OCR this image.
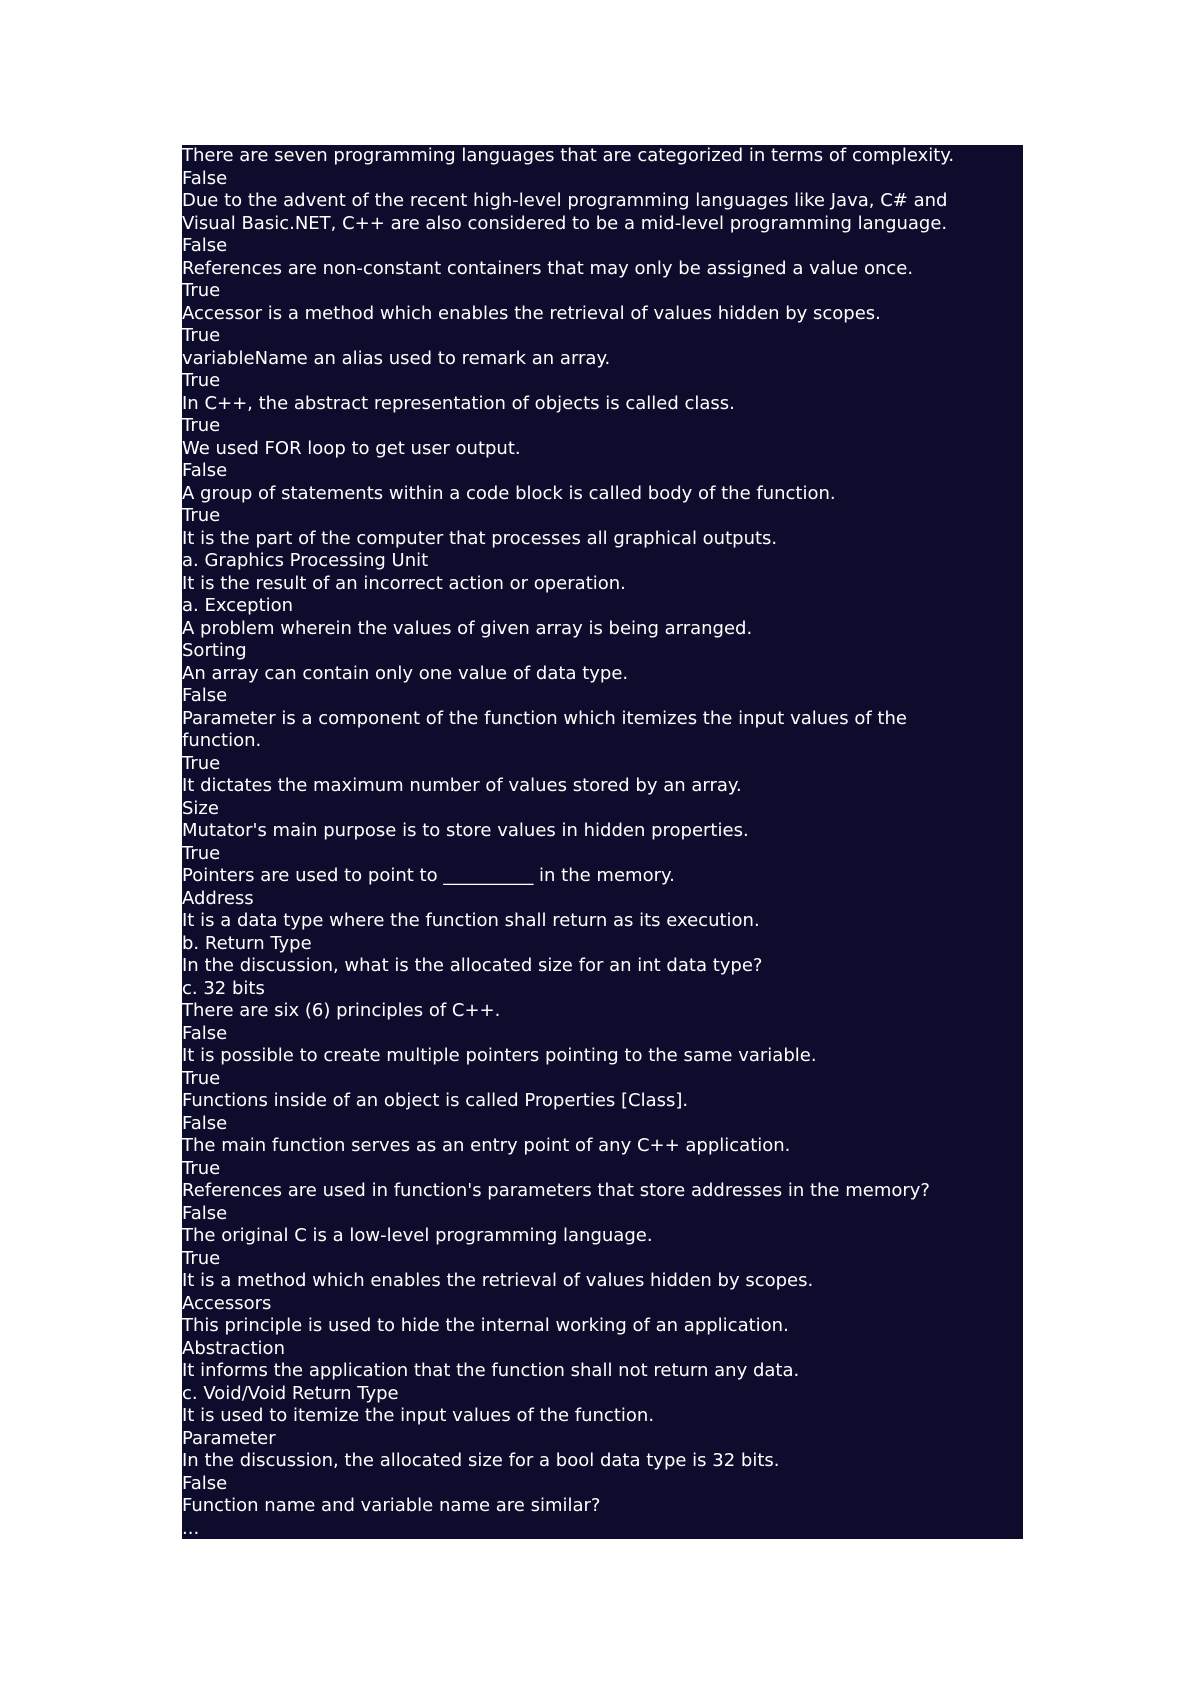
There are seven programming languages that are categorized in terms of complexity.
False
Due to the advent of the recent high-level programming languages like Java, C# and
Visual Basic.NET, C++ are also considered to be a mid-level programming language.
False
References are non-constant containers that may only be assigned a value once.
True
Accessor is a method which enables the retrieval of values hidden by scopes.
True
variableName an alias used to remark an array.
True
In C++, the abstract representation of objects is called class.
True
We used FOR loop to get user output.
False
A group of statements within a code block is called body of the function.
True
It is the part of the computer that processes all graphical outputs.
a. Graphics Processing Unit
It is the result of an incorrect action or operation.
a. Exception
A problem wherein the values of given array is being arranged.
Sorting
An array can contain only one value of data type.
False
Parameter is a component of the function which itemizes the input values of the
function.
True
It dictates the maximum number of values stored by an array.
Size
Mutator's main purpose is to store values in hidden properties.
True
Pointers are used to point to __________ in the memory.
Address
It is a data type where the function shall return as its execution.
b. Return Type
In the discussion, what is the allocated size for an int data type?
c. 32 bits
There are six (6) principles of C++.
False
It is possible to create multiple pointers pointing to the same variable.
True
Functions inside of an object is called Properties [Class].
False
The main function serves as an entry point of any C++ application.
True
References are used in function's parameters that store addresses in the memory?
False
The original C is a low-level programming language.
True
It is a method which enables the retrieval of values hidden by scopes.
Accessors
This principle is used to hide the internal working of an application.
Abstraction
It informs the application that the function shall not return any data.
c. Void/Void Return Type
It is used to itemize the input values of the function.
Parameter
In the discussion, the allocated size for a bool data type is 32 bits.
False
Function name and variable name are similar?
...
